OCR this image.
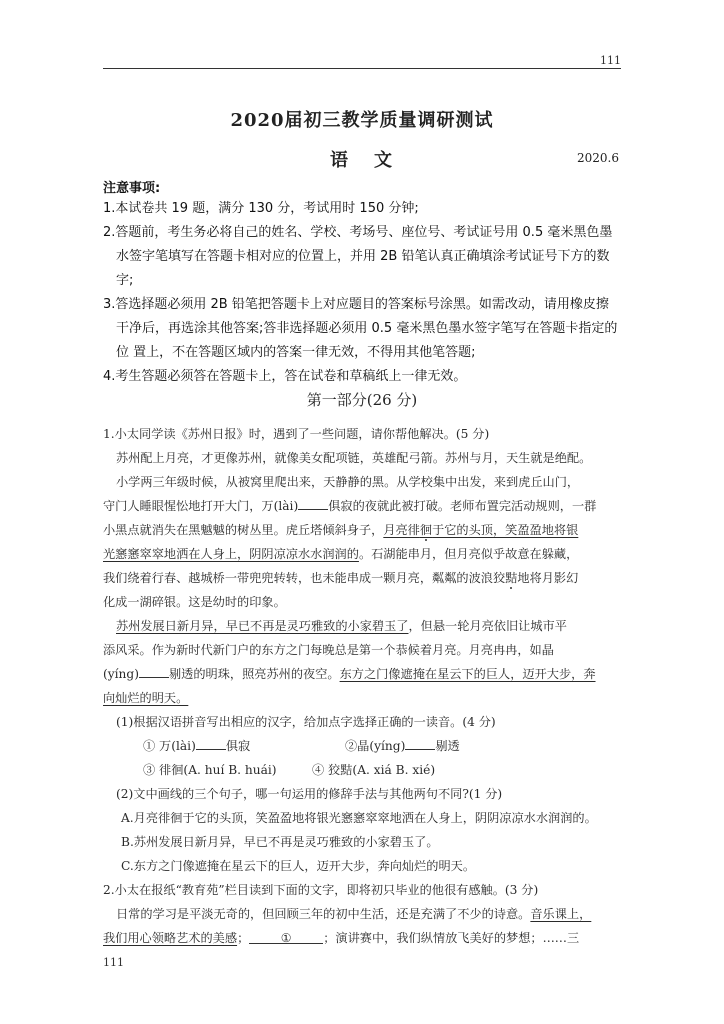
111
2020届初三教学质量调研测试
语文	2020.6
注意事项:
1.本试卷共 19 题，满分 130 分，考试用时 150 分钟;
2.答题前，考生务必将自己的姓名、学校、考场号、座位号、考试证号用 0.5 毫米黑色墨
水签字笔填写在答题卡相对应的位置上，并用 2B 铅笔认真正确填涂考试证号下方的数
字;
3.答选择题必须用 2B 铅笔把答题卡上对应题目的答案标号涂黑。如需改动，请用橡皮擦
干净后，再选涂其他答案;答非选择题必须用 0.5 毫米黑色墨水签字笔写在答题卡指定的
位 置上，不在答题区域内的答案一律无效，不得用其他笔答题;
4.考生答题必须答在答题卡上，答在试卷和草稿纸上一律无效。
第一部分(26 分)
1.小太同学读《苏州日报》时，遇到了一些问题，请你帮他解决。(5 分)
苏州配上月亮，才更像苏州，就像美女配项链，英雄配弓箭。苏州与月，天生就是绝配。
小学两三年级时候，从被窝里爬出来，天静静的黑。从学校集中出发，来到虎丘山门，
守门人睡眼惺忪地打开大门，万(lài) 俱寂的夜就此被打破。老师布置完活动规则，一群
小黑点就消失在黑魆魆的树丛里。虎丘塔倾斜身子，月亮徘徊于它的头顶，笑盈盈地将银
光窸窸窣窣地洒在人身上，阴阴凉凉水水润润的。石湖能串月，但月亮似乎故意在躲藏，
我们绕着行春、越城桥一带兜兜转转，也未能串成一颗月亮，粼粼的波浪狡黠地将月影幻
化成一湖碎银。这是幼时的印象。
苏州发展日新月异，早已不再是灵巧雅致的小家碧玉了，但悬一轮月亮依旧让城市平
添风采。作为新时代新门户的东方之门每晚总是第一个恭候着月亮。月亮冉冉，如晶
(yíng) 剔透的明珠，照亮苏州的夜空。东方之门像遮掩在星云下的巨人，迈开大步，奔
向灿烂的明天。
(1)根据汉语拼音写出相应的汉字，给加点字选择正确的一读音。(4 分)
① 万(lài) 俱寂	②晶(yíng) 剔透
③ 徘徊(A. huí B. huái)	④ 狡黠(A. xiá B. xié)
(2)文中画线的三个句子，哪一句运用的修辞手法与其他两句不同?(1 分)
A.月亮徘徊于它的头顶，笑盈盈地将银光窸窸窣窣地洒在人身上，阴阴凉凉水水润润的。
B.苏州发展日新月异，早已不再是灵巧雅致的小家碧玉了。
C.东方之门像遮掩在星云下的巨人，迈开大步，奔向灿烂的明天。
2.小太在报纸“教育苑”栏目读到下面的文字，即将初只毕业的他很有感触。(3 分)
日常的学习是平淡无奇的，但回顾三年的初中生活，还是充满了不少的诗意。音乐课上，
我们用心领略艺术的美感；	①	；演讲赛中，我们纵情放飞美好的梦想；……三
111
